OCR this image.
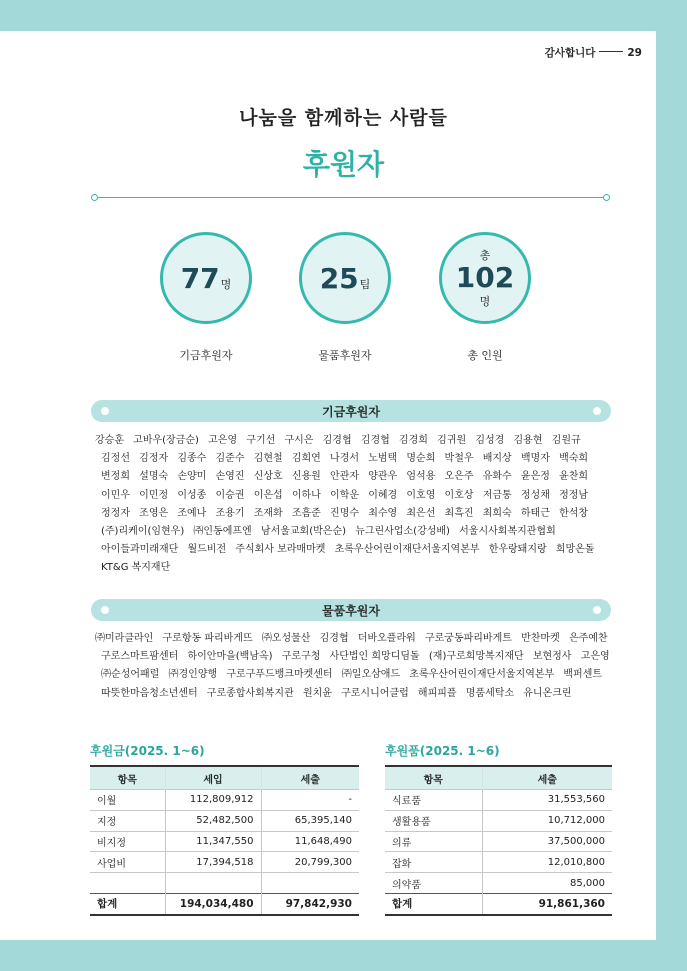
감사합니다	29
나눔을 함께하는 사람들
후원자
77 명
기금후원자
25 팀
물품후원자
총
102
명
총 인원
기금후원자
강승훈 고바우(장금순) 고은영 구기선 구시은 김경협 김경협 김경희 김귀원 김성경 김용현 김원규 김정선 김정자 김종수 김준수 김현철 김희연 나경서 노범택 명순희 박철우 배지상 백명자 백숙희 변정희 설명숙 손양미 손영진 신상호 신용원 안관자 양관우 엄석용 오은주 유화수 윤은정 윤찬희 이민우 이민정 이성종 이승권 이은섭 이하나 이학운 이혜경 이호영 이호상 저금통 정성채 정정남 정정자 조영은 조예나 조용기 조재화 조흠준 진명수 최수영 최은선 최흑진 최희숙 하태근 한석창 (주)리케이(임현우) ㈜인동에프엔 남서울교회(박은순) 뉴그린사업소(강성배) 서울시사회복지관협회 아이들과미래재단 월드비전 주식회사 보라매마켓 초록우산어린이재단서울지역본부 한우랑돼지랑 희망온돌 KT&G 복지재단
물품후원자
㈜미라클라인 구로항동 파리바게뜨 ㈜오성물산 김경협 더바오플라워 구로궁동파리바게트 반찬마켓 은주예찬 구로스마트팜센터 하이안마을(백남옥) 구로구청 사단법인 희망디딤돌 (재)구로희망복지재단 보현정사 고은영 ㈜순성어패럴 ㈜경인양행 구로구푸드뱅크마켓센터 ㈜일오삼애드 초록우산어린이재단서울지역본부 백퍼센트 따뜻한마음청소년센터 구로종합사회복지관 원치윤 구로시니어클럽 해피피플 명품세탁소 유니온크린
후원금(2025. 1~6)
항목	세입	세출
이월	112,809,912	-
지정	52,482,500	65,395,140
비지정	11,347,550	11,648,490
사업비	17,394,518	20,799,300

합계	194,034,480	97,842,930
후원품(2025. 1~6)
항목	세출
식료품	31,553,560
생활용품	10,712,000
의류	37,500,000
잡화	12,010,800
의약품	85,000
합계	91,861,360
